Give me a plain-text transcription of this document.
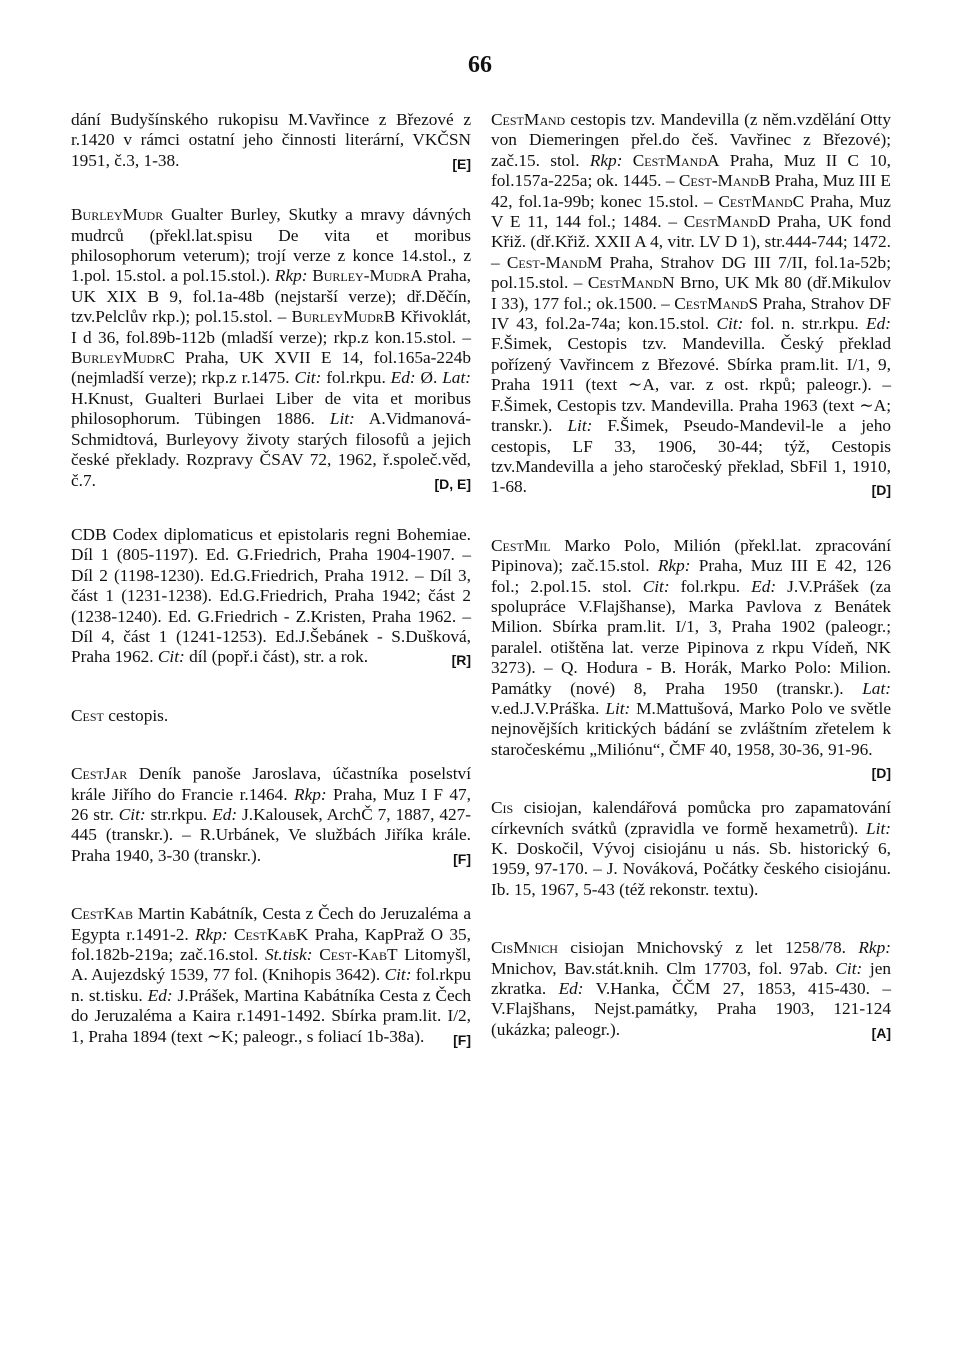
66

dání Budyšínského rukopisu M.Vavřince z Březové z r.1420 v rámci ostatní jeho činnosti literární, VKČSN 1951, č.3, 1-38.	[E]

BurleyMudr Gualter Burley, Skutky a mravy dávných mudrců (překl.lat.spisu De vita et moribus philosophorum veterum); trojí verze z konce 14.stol., z 1.pol. 15.stol. a pol.15.stol.). Rkp: Burley-MudrA Praha, UK XIX B 9, fol.1a-48b (nejstarší verze); dř.Děčín, tzv.Pelclův rkp.); pol.15.stol. – BurleyMudrB Křivoklát, I d 36, fol.89b-112b (mladší verze); rkp.z kon.15.stol. – BurleyMudrC Praha, UK XVII E 14, fol.165a-224b (nejmladší verze); rkp.z r.1475. Cit: fol.rkpu. Ed: Ø. Lat: H.Knust, Gualteri Burlaei Liber de vita et moribus philosophorum. Tübingen 1886. Lit: A.Vidmanová-Schmidtová, Burleyovy životy starých filosofů a jejich české překlady. Rozpravy ČSAV 72, 1962, ř.společ.věd, č.7.	[D, E]

CDB Codex diplomaticus et epistolaris regni Bohemiae. Díl 1 (805-1197). Ed. G.Friedrich, Praha 1904-1907. – Díl 2 (1198-1230). Ed.G.Friedrich, Praha 1912. – Díl 3, část 1 (1231-1238). Ed.G.Friedrich, Praha 1942; část 2 (1238-1240). Ed. G.Friedrich - Z.Kristen, Praha 1962. – Díl 4, část 1 (1241-1253). Ed.J.Šebánek - S.Dušková, Praha 1962. Cit: díl (popř.i část), str. a rok.	[R]

Cest cestopis.

CestJar Deník panoše Jaroslava, účastníka poselství krále Jiřího do Francie r.1464. Rkp: Praha, Muz I F 47, 26 str. Cit: str.rkpu. Ed: J.Kalousek, ArchČ 7, 1887, 427-445 (transkr.). – R.Urbánek, Ve službách Jiříka krále. Praha 1940, 3-30 (transkr.).	[F]

CestKab Martin Kabátník, Cesta z Čech do Jeruzaléma a Egypta r.1491-2. Rkp: CestKabK Praha, KapPraž O 35, fol.182b-219a; zač.16.stol. St.tisk: Cest-KabT Litomyšl, A. Aujezdský 1539, 77 fol. (Knihopis 3642). Cit: fol.rkpu n. st.tisku. Ed: J.Prášek, Martina Kabátníka Cesta z Čech do Jeruzaléma a Kaira r.1491-1492. Sbírka pram.lit. I/2, 1, Praha 1894 (text ∼K; paleogr., s foliací 1b-38a). [F]

CestMand cestopis tzv. Mandevilla (z něm.vzdělání Otty von Diemeringen přel.do češ. Vavřinec z Březové); zač.15. stol. Rkp: CestMandA Praha, Muz II C 10, fol.157a-225a; ok. 1445. – Cest-MandB Praha, Muz III E 42, fol.1a-99b; konec 15.stol. – CestMandC Praha, Muz V E 11, 144 fol.; 1484. – CestMandD Praha, UK fond Křiž. (dř.Křiž. XXII A 4, vitr. LV D 1), str.444-744; 1472. – Cest-MandM Praha, Strahov DG III 7/II, fol.1a-52b; pol.15.stol. – CestMandN Brno, UK Mk 80 (dř.Mikulov I 33), 177 fol.; ok.1500. – CestMandS Praha, Strahov DF IV 43, fol.2a-74a; kon.15.stol. Cit: fol. n. str.rkpu. Ed: F.Šimek, Cestopis tzv. Mandevilla. Český překlad pořízený Vavřincem z Březové. Sbírka pram.lit. I/1, 9, Praha 1911 (text ∼A, var. z ost. rkpů; paleogr.). – F.Šimek, Cestopis tzv. Mandevilla. Praha 1963 (text ∼A; transkr.). Lit: F.Šimek, Pseudo-Mandevil-le a jeho cestopis, LF 33, 1906, 30-44; týž, Cestopis tzv.Mandevilla a jeho staročeský překlad, SbFil 1, 1910, 1-68.	[D]

CestMil Marko Polo, Milión (překl.lat. zpracování Pipinova); zač.15.stol. Rkp: Praha, Muz III E 42, 126 fol.; 2.pol.15. stol. Cit: fol.rkpu. Ed: J.V.Prášek (za spolupráce V.Flajšhanse), Marka Pavlova z Benátek Milion. Sbírka pram.lit. I/1, 3, Praha 1902 (paleogr.; paralel. otištěna lat. verze Pipinova z rkpu Vídeň, NK 3273). – Q. Hodura - B. Horák, Marko Polo: Milion. Památky (nové) 8, Praha 1950 (transkr.). Lat: v.ed.J.V.Práška. Lit: M.Mattušová, Marko Polo ve světle nejnovějších kritických bádání se zvláštním zřetelem k staročeskému „Miliónu“, ČMF 40, 1958, 30-36, 91-96.
[D]

Cis cisiojan, kalendářová pomůcka pro zapamatování církevních svátků (zpravidla ve formě hexametrů). Lit: K. Doskočil, Vývoj cisiojánu u nás. Sb. historický 6, 1959, 97-170. – J. Nováková, Počátky českého cisiojánu. Ib. 15, 1967, 5-43 (též rekonstr. textu).

CisMnich cisiojan Mnichovský z let 1258/78. Rkp: Mnichov, Bav.stát.knih. Clm 17703, fol. 97ab. Cit: jen zkratka. Ed: V.Hanka, ČČM 27, 1853, 415-430. – V.Flajšhans, Nejst.památky, Praha 1903, 121-124 (ukázka; paleogr.).	[A]
